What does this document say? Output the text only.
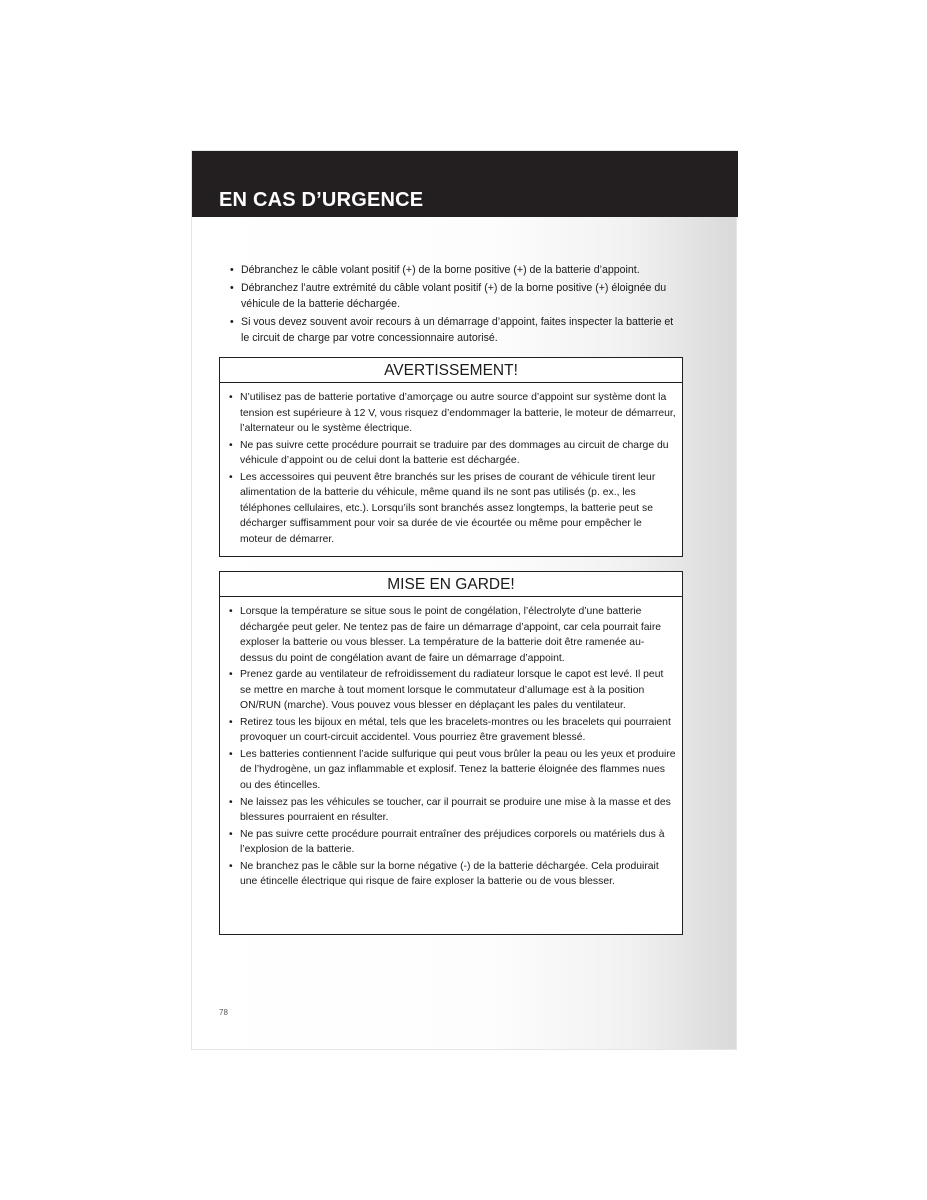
EN CAS D’URGENCE
• Débranchez le câble volant positif (+) de la borne positive (+) de la batterie d’appoint.
• Débranchez l’autre extrémité du câble volant positif (+) de la borne positive (+) éloignée du véhicule de la batterie déchargée.
• Si vous devez souvent avoir recours à un démarrage d’appoint, faites inspecter la batterie et le circuit de charge par votre concessionnaire autorisé.
AVERTISSEMENT!
• N’utilisez pas de batterie portative d’amorçage ou autre source d’appoint sur système dont la tension est supérieure à 12 V, vous risquez d’endommager la batterie, le moteur de démarreur, l’alternateur ou le système électrique.
• Ne pas suivre cette procédure pourrait se traduire par des dommages au circuit de charge du véhicule d’appoint ou de celui dont la batterie est déchargée.
• Les accessoires qui peuvent être branchés sur les prises de courant de véhicule tirent leur alimentation de la batterie du véhicule, même quand ils ne sont pas utilisés (p. ex., les téléphones cellulaires, etc.). Lorsqu’ils sont branchés assez longtemps, la batterie peut se décharger suffisamment pour voir sa durée de vie écourtée ou même pour empêcher le moteur de démarrer.
MISE EN GARDE!
• Lorsque la température se situe sous le point de congélation, l’électrolyte d’une batterie déchargée peut geler. Ne tentez pas de faire un démarrage d’appoint, car cela pourrait faire exploser la batterie ou vous blesser. La température de la batterie doit être ramenée au-dessus du point de congélation avant de faire un démarrage d’appoint.
• Prenez garde au ventilateur de refroidissement du radiateur lorsque le capot est levé. Il peut se mettre en marche à tout moment lorsque le commutateur d’allumage est à la position ON/RUN (marche). Vous pouvez vous blesser en déplaçant les pales du ventilateur.
• Retirez tous les bijoux en métal, tels que les bracelets-montres ou les bracelets qui pourraient provoquer un court-circuit accidentel. Vous pourriez être gravement blessé.
• Les batteries contiennent l’acide sulfurique qui peut vous brûler la peau ou les yeux et produire de l’hydrogène, un gaz inflammable et explosif. Tenez la batterie éloignée des flammes nues ou des étincelles.
• Ne laissez pas les véhicules se toucher, car il pourrait se produire une mise à la masse et des blessures pourraient en résulter.
• Ne pas suivre cette procédure pourrait entraîner des préjudices corporels ou matériels dus à l’explosion de la batterie.
• Ne branchez pas le câble sur la borne négative (-) de la batterie déchargée. Cela produirait une étincelle électrique qui risque de faire exploser la batterie ou de vous blesser.
78
